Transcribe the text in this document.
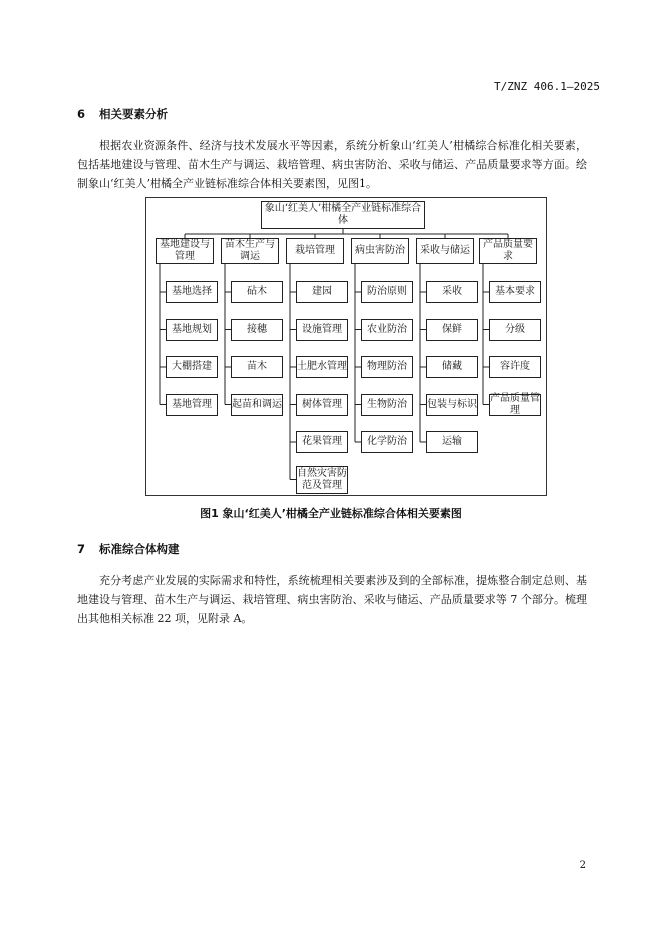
T/ZNZ 406.1—2025
6 相关要素分析
根据农业资源条件、经济与技术发展水平等因素，系统分析象山‘红美人’柑橘综合标准化相关要素，包括基地建设与管理、苗木生产与调运、栽培管理、病虫害防治、采收与储运、产品质量要求等方面。绘制象山‘红美人’柑橘全产业链标准综合体相关要素图，见图1。
象山‘红美人’柑橘全产业链标准综合体
基地建设与管理
基地选择
基地规划
大棚搭建
基地管理
苗木生产与调运
砧木
接穗
苗木
起苗和调运
栽培管理
建园
设施管理
土肥水管理
树体管理
花果管理
自然灾害防范及管理
病虫害防治
防治原则
农业防治
物理防治
生物防治
化学防治
采收与储运
采收
保鲜
储藏
包装与标识
运输
产品质量要求
基本要求
分级
容许度
产品质量管理
图1 象山‘红美人’柑橘全产业链标准综合体相关要素图
7 标准综合体构建
充分考虑产业发展的实际需求和特性，系统梳理相关要素涉及到的全部标准，提炼整合制定总则、基地建设与管理、苗木生产与调运、栽培管理、病虫害防治、采收与储运、产品质量要求等 7 个部分。梳理出其他相关标准 22 项，见附录 A。
2
